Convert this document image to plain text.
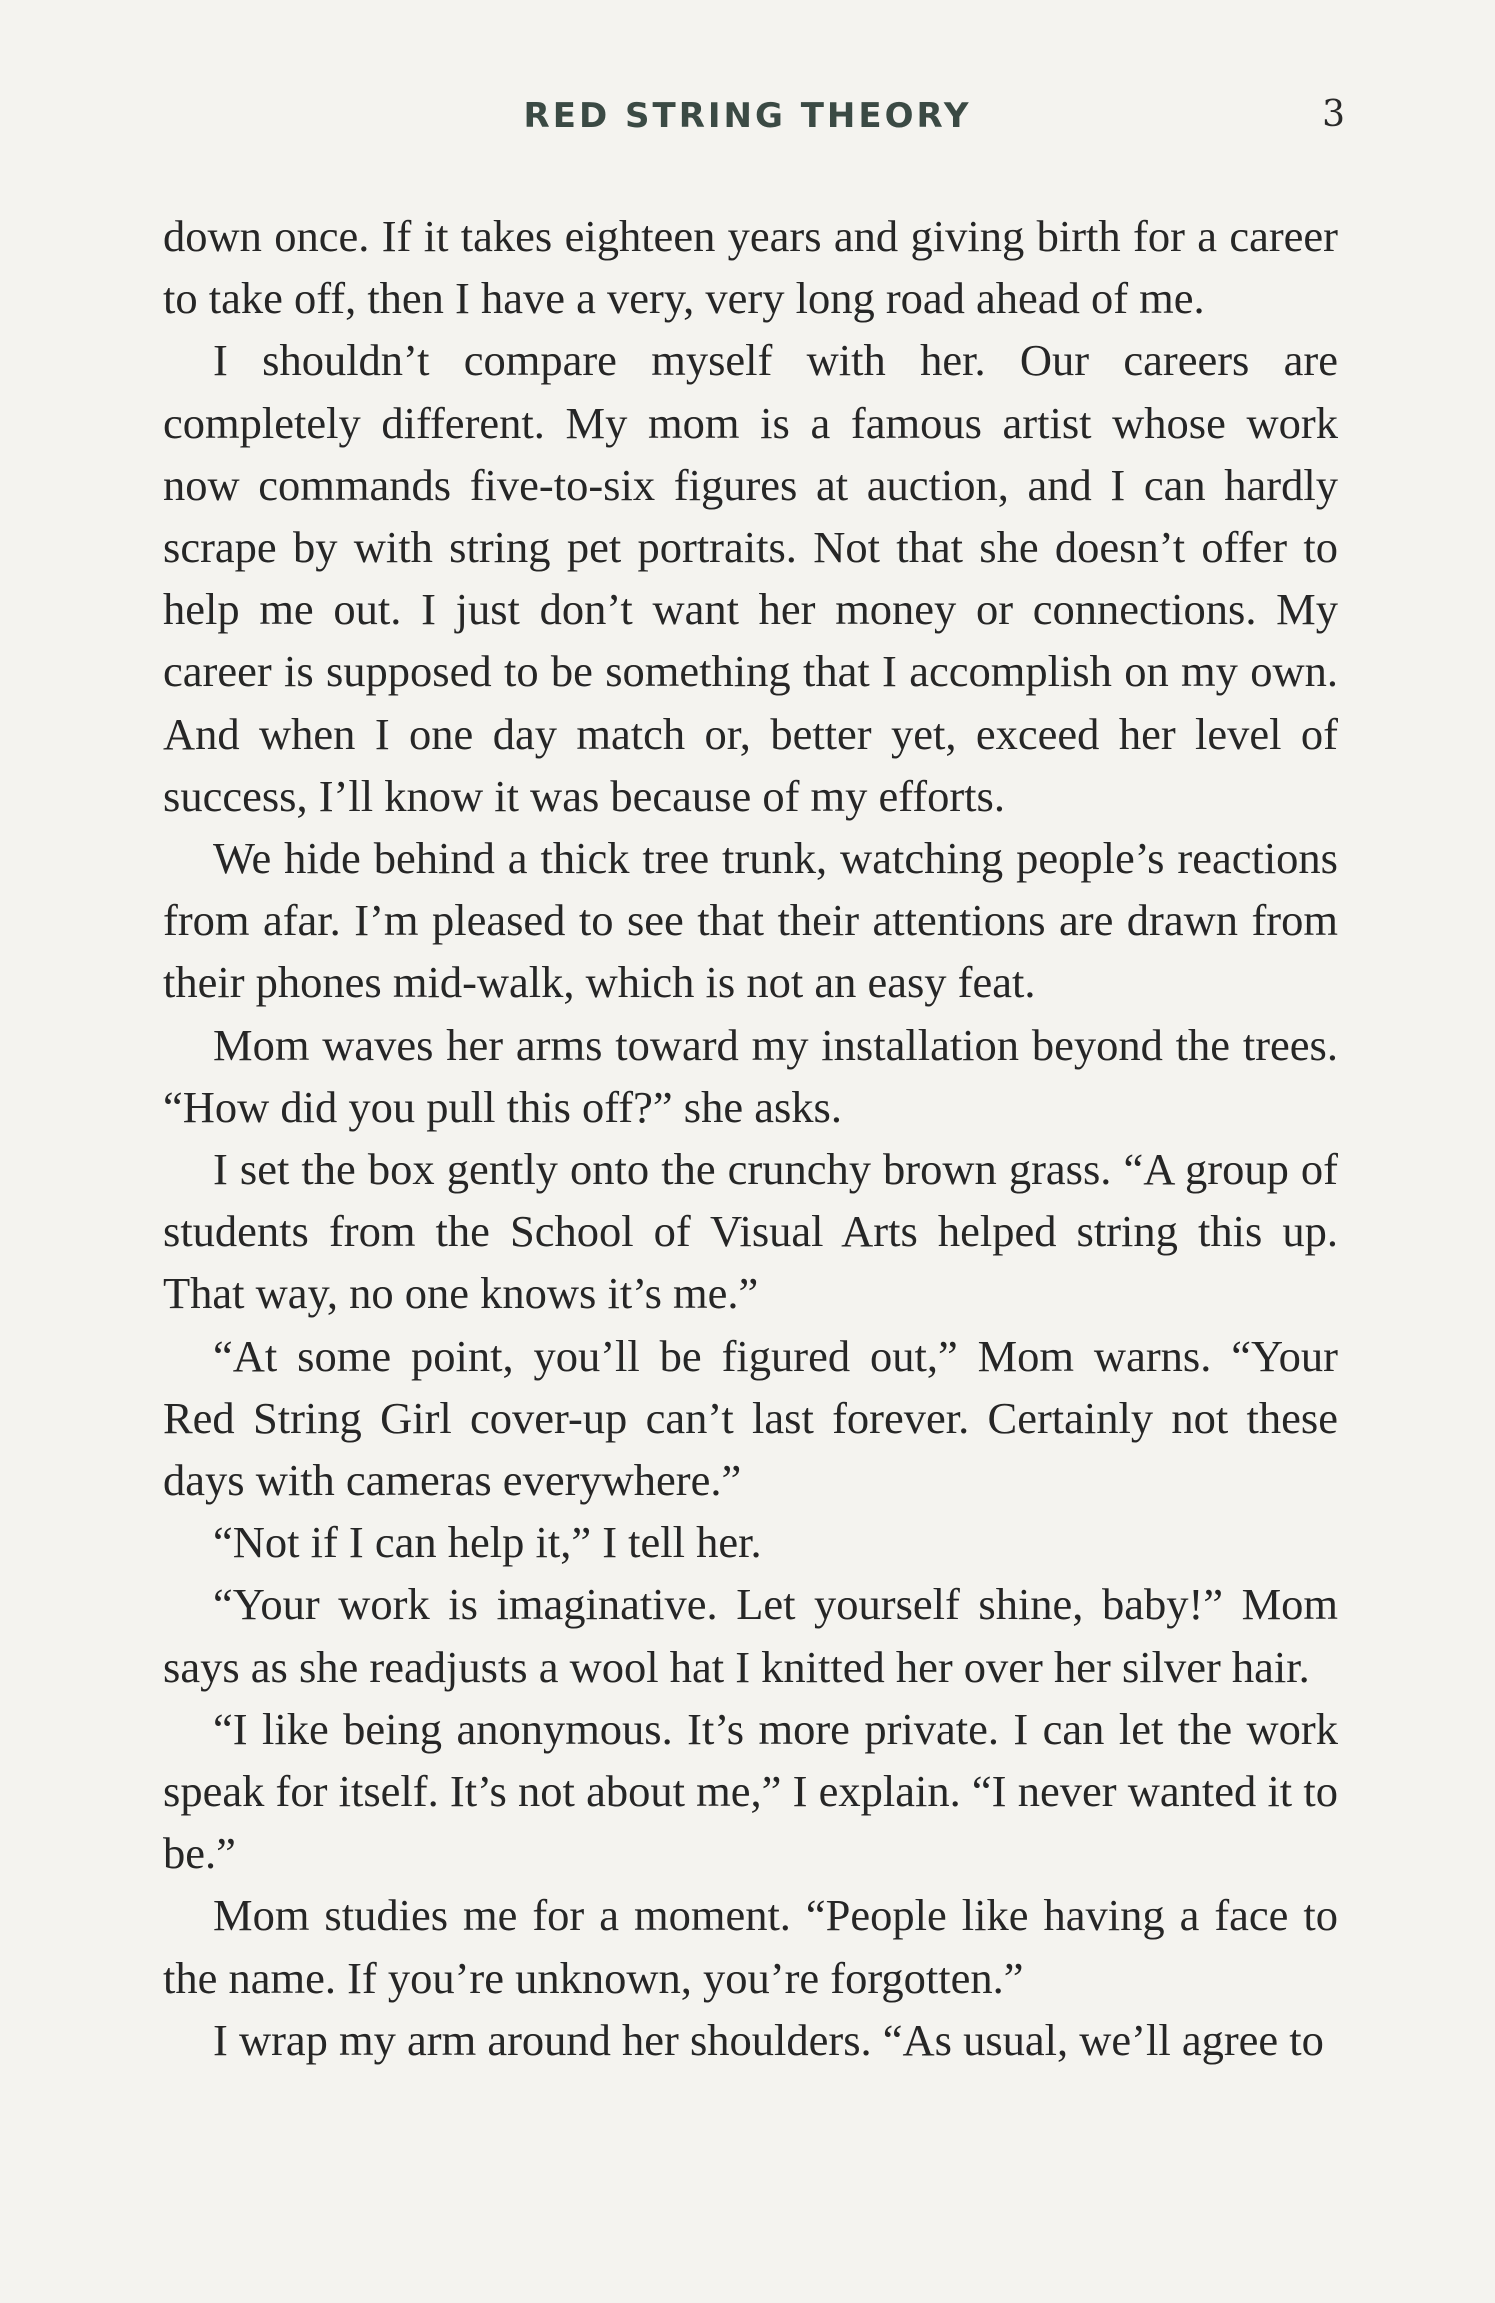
RED STRING THEORY	3

down once. If it takes eighteen years and giving birth for a career to take off, then I have a very, very long road ahead of me.

I shouldn’t compare myself with her. Our careers are completely different. My mom is a famous artist whose work now commands five-to-six figures at auction, and I can hardly scrape by with string pet portraits. Not that she doesn’t offer to help me out. I just don’t want her money or connections. My career is supposed to be something that I accomplish on my own. And when I one day match or, better yet, exceed her level of success, I’ll know it was because of my efforts.

We hide behind a thick tree trunk, watching people’s reactions from afar. I’m pleased to see that their attentions are drawn from their phones mid-walk, which is not an easy feat.

Mom waves her arms toward my installation beyond the trees. “How did you pull this off?” she asks.

I set the box gently onto the crunchy brown grass. “A group of students from the School of Visual Arts helped string this up. That way, no one knows it’s me.”

“At some point, you’ll be figured out,” Mom warns. “Your Red String Girl cover-up can’t last forever. Certainly not these days with cameras everywhere.”

“Not if I can help it,” I tell her.

“Your work is imaginative. Let yourself shine, baby!” Mom says as she readjusts a wool hat I knitted her over her silver hair.

“I like being anonymous. It’s more private. I can let the work speak for itself. It’s not about me,” I explain. “I never wanted it to be.”

Mom studies me for a moment. “People like having a face to the name. If you’re unknown, you’re forgotten.”

I wrap my arm around her shoulders. “As usual, we’ll agree to
